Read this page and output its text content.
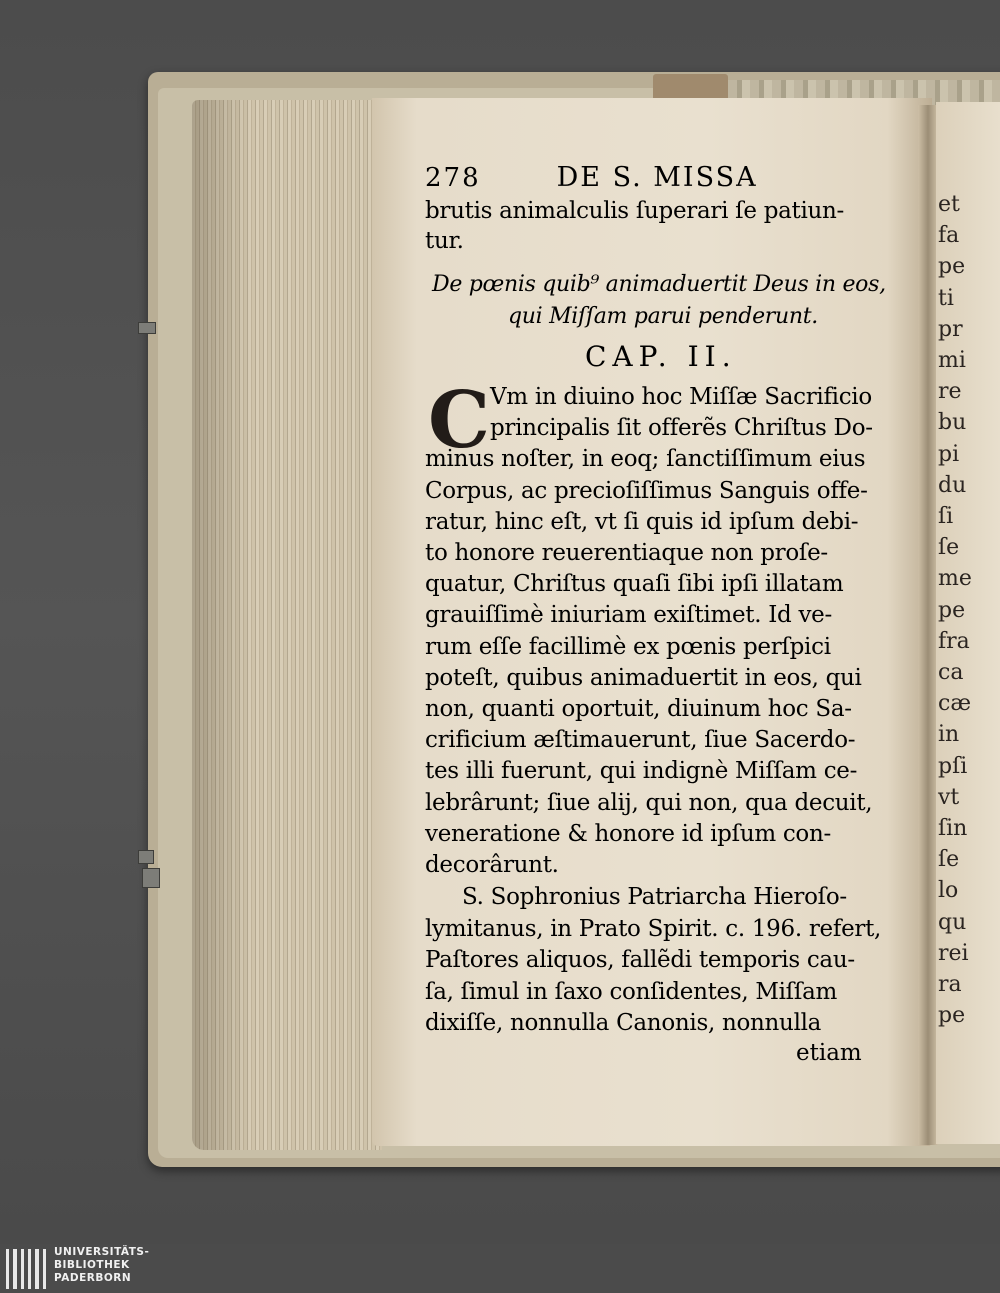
et
fa
pe
ti
pr
mi
re
bu
pi
du
ſi
ſe
me
pe
fra
ca
cæ
in
pſi
vt
ſin
ſe
lo
qu
rei
ra
pe
278	DE S. MISSA
brutis animalculis ſuperari ſe patiun-
tur.
De pœnis quib⁹ animaduertit Deus in eos,
qui Miſſam parui penderunt.
CAP. II.
C Vm in diuino hoc Miſſæ Sacrificio
principalis ſit offerẽs Chriſtus Do-
minus noſter, in eoq; ſanctiſſimum eius
Corpus, ac precioſiſſimus Sanguis offe-
ratur, hinc eſt, vt ſi quis id ipſum debi-
to honore reuerentiaque non proſe-
quatur, Chriſtus quaſi ſibi ipſi illatam
grauiſſimè iniuriam exiſtimet. Id ve-
rum eſſe facillimè ex pœnis perſpici
poteſt, quibus animaduertit in eos, qui
non, quanti oportuit, diuinum hoc Sa-
crificium æſtimauerunt, ſiue Sacerdo-
tes illi fuerunt, qui indignè Miſſam ce-
lebrârunt; ſiue alij, qui non, qua decuit,
veneratione & honore id ipſum con-
decorârunt.
S. Sophronius Patriarcha Hieroſo-
lymitanus, in Prato Spirit. c. 196. refert,
Paſtores aliquos, fallẽdi temporis cau-
ſa, ſimul in ſaxo conſidentes, Miſſam
dixiſſe, nonnulla Canonis, nonnulla
etiam
UNIVERSITÄTS-
BIBLIOTHEK
PADERBORN
